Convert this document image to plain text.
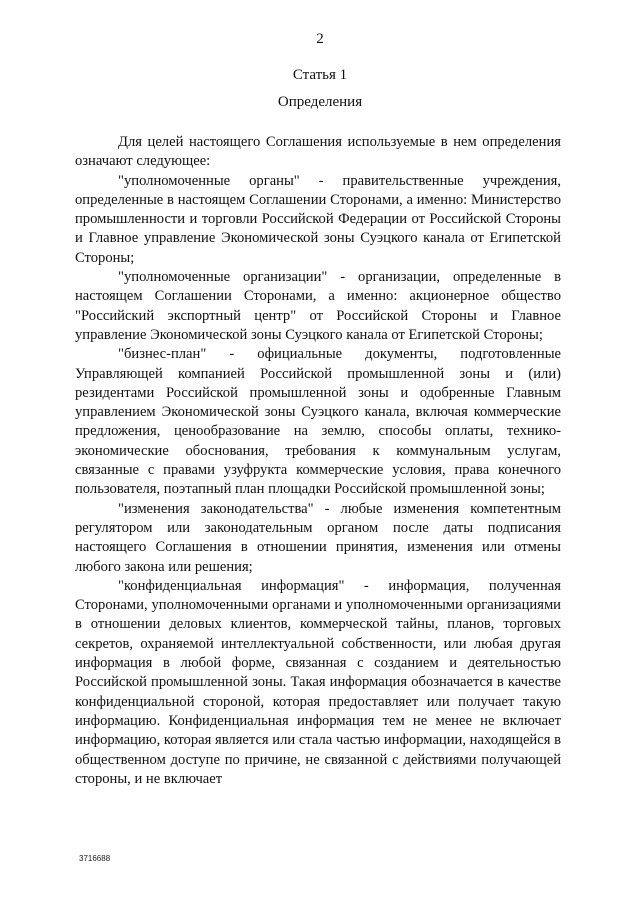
2
Статья 1
Определения

Для целей настоящего Соглашения используемые в нем определения означают следующее:

"уполномоченные органы" - правительственные учреждения, определенные в настоящем Соглашении Сторонами, а именно: Министерство промышленности и торговли Российской Федерации от Российской Стороны и Главное управление Экономической зоны Суэцкого канала от Египетской Стороны;

"уполномоченные организации" - организации, определенные в настоящем Соглашении Сторонами, а именно: акционерное общество "Российский экспортный центр" от Российской Стороны и Главное управление Экономической зоны Суэцкого канала от Египетской Стороны;

"бизнес-план" - официальные документы, подготовленные Управляющей компанией Российской промышленной зоны и (или) резидентами Российской промышленной зоны и одобренные Главным управлением Экономической зоны Суэцкого канала, включая коммерческие предложения, ценообразование на землю, способы оплаты, технико-экономические обоснования, требования к коммунальным услугам, связанные с правами узуфрукта коммерческие условия, права конечного пользователя, поэтапный план площадки Российской промышленной зоны;

"изменения законодательства" - любые изменения компетентным регулятором или законодательным органом после даты подписания настоящего Соглашения в отношении принятия, изменения или отмены любого закона или решения;

"конфиденциальная информация" - информация, полученная Сторонами, уполномоченными органами и уполномоченными организациями в отношении деловых клиентов, коммерческой тайны, планов, торговых секретов, охраняемой интеллектуальной собственности, или любая другая информация в любой форме, связанная с созданием и деятельностью Российской промышленной зоны. Такая информация обозначается в качестве конфиденциальной стороной, которая предоставляет или получает такую информацию. Конфиденциальная информация тем не менее не включает информацию, которая является или стала частью информации, находящейся в общественном доступе по причине, не связанной с действиями получающей стороны, и не включает

3716688
